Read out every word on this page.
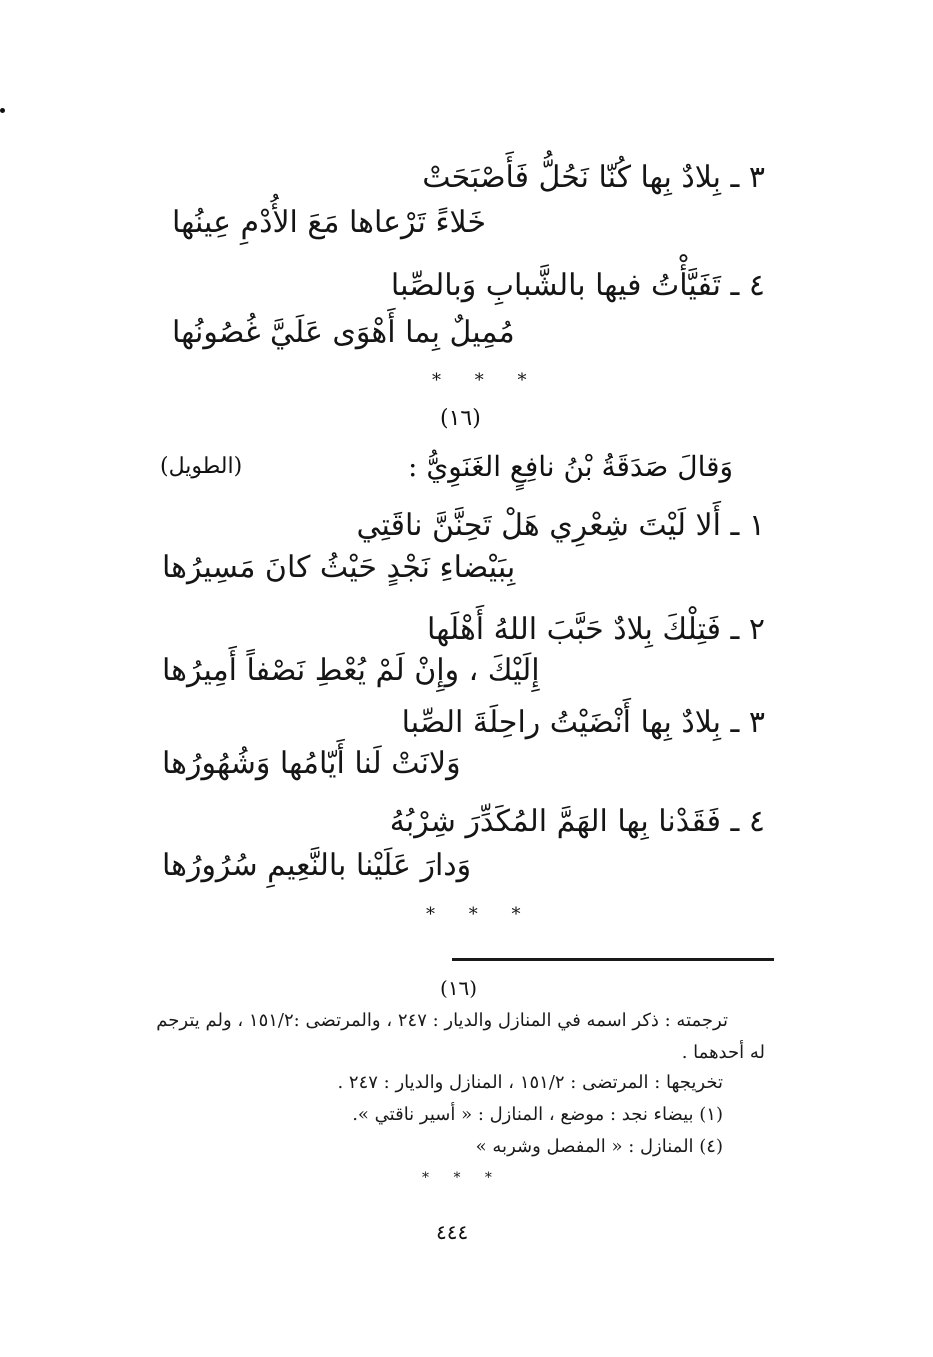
٣ ـ بِلادٌ بِها كُنّا نَحُلُّ فَأَصْبَحَتْ
خَلاءً تَرْعاها مَعَ الأُدْمِ عِينُها
٤ ـ تَفَيَّأْتُ فيها بالشَّبابِ وَبالصِّبا
مُمِيلٌ بِما أَهْوَى عَلَيَّ غُصُونُها
* * *
(١٦)
وَقالَ صَدَقَةُ بْنُ نافِعٍ الغَنَوِيُّ :
(الطويل)
١ ـ أَلا لَيْتَ شِعْرِي هَلْ تَحِنَّنَّ ناقَتِي
بِبَيْضاءِ نَجْدٍ حَيْثُ كانَ مَسِيرُها
٢ ـ فَتِلْكَ بِلادٌ حَبَّبَ اللهُ أَهْلَها
إِلَيْكَ ، وإِنْ لَمْ يُعْطِ نَصْفاً أَمِيرُها
٣ ـ بِلادٌ بِها أَنْضَيْتُ راحِلَةَ الصِّبا
وَلانَتْ لَنا أَيّامُها وَشُهُورُها
٤ ـ فَقَدْنا بِها الهَمَّ المُكَدِّرَ شِرْبُهُ
وَدارَ عَلَيْنا بالنَّعِيمِ سُرُورُها
* * *
(١٦)
ترجمته : ذكر اسمه في المنازل والديار : ٢٤٧ ، والمرتضى :١٥١/٢ ، ولم يترجم
له أحدهما .
تخريجها : المرتضى : ١٥١/٢ ، المنازل والديار : ٢٤٧ .
(١) بيضاء نجد : موضع ، المنازل : « أسير ناقتي ».
(٤) المنازل : « المفصل وشربه »
* * *
٤٤٤
